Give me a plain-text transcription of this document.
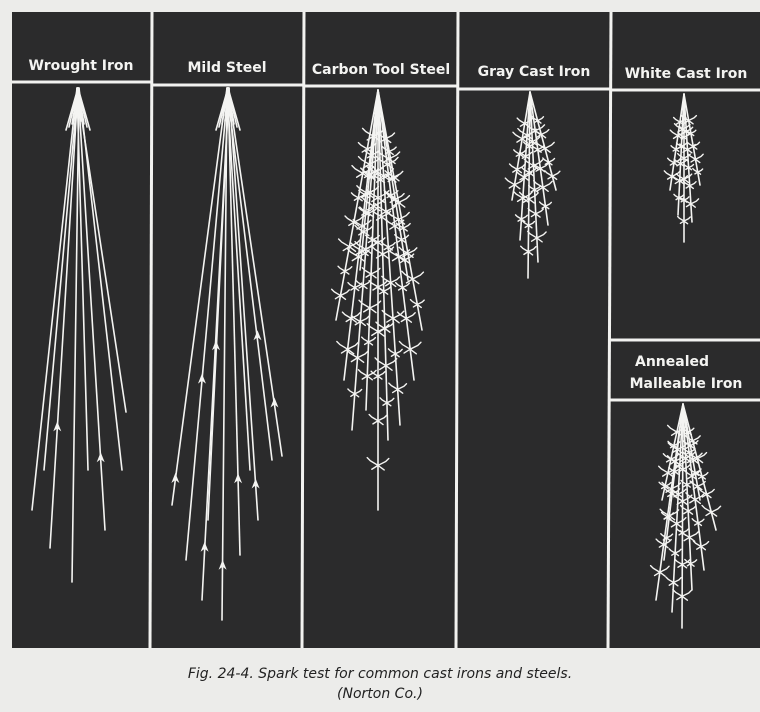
Wrought Iron	Mild Steel	Carbon Tool Steel Gray Cast Iron White Cast Iron
Annealed
Malleable Iron
Fig. 24-4. Spark test for common cast irons and steels.
(Norton Co.)
